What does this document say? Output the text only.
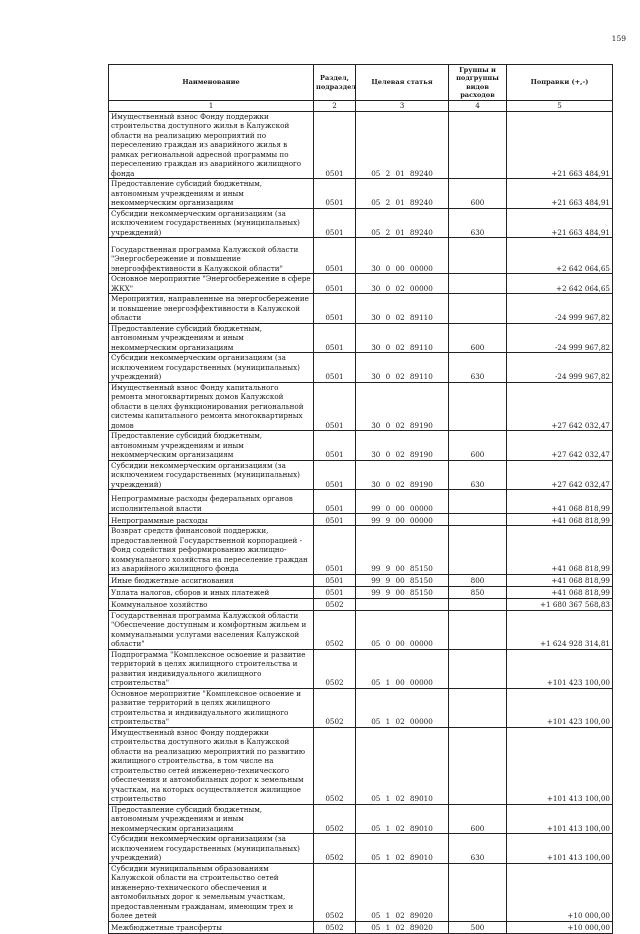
159
Наименование	Раздел, подраздел	Целевая статья	Группы и подгруппы видов расходов	Поправки (+,-)
1	2	3	4	5
Имущественный взнос Фонду поддержки строительства доступного жилья в Калужской области на реализацию мероприятий по переселению граждан из аварийного жилья в рамках региональной адресной программы по переселению граждан из аварийного жилищного фонда	0501	05 2 01 89240		+21 663 484,91
Предоставление субсидий бюджетным, автономным учреждениям и иным некоммерческим организациям	0501	05 2 01 89240	600	+21 663 484,91
Субсидии некоммерческим организациям (за исключением государственных (муниципальных) учреждений)	0501	05 2 01 89240	630	+21 663 484,91
Государственная программа Калужской области "Энергосбережение и повышение энергоэффективности в Калужской области"	0501	30 0 00 00000		+2 642 064,65
Основное мероприятие "Энергосбережение в сфере ЖКХ"	0501	30 0 02 00000		+2 642 064,65
Мероприятия, направленные на энергосбережение и повышение энергоэффективности в Калужской области	0501	30 0 02 89110		-24 999 967,82
Предоставление субсидий бюджетным, автономным учреждениям и иным некоммерческим организациям	0501	30 0 02 89110	600	-24 999 967,82
Субсидии некоммерческим организациям (за исключением государственных (муниципальных) учреждений)	0501	30 0 02 89110	630	-24 999 967,82
Имущественный взнос Фонду капитального ремонта многоквартирных домов Калужской области в целях функционирования региональной системы капитального ремонта многоквартирных домов	0501	30 0 02 89190		+27 642 032,47
Предоставление субсидий бюджетным, автономным учреждениям и иным некоммерческим организациям	0501	30 0 02 89190	600	+27 642 032,47
Субсидии некоммерческим организациям (за исключением государственных (муниципальных) учреждений)	0501	30 0 02 89190	630	+27 642 032,47
Непрограммные расходы федеральных органов исполнительной власти	0501	99 0 00 00000		+41 068 818,99
Непрограммные расходы	0501	99 9 00 00000		+41 068 818,99
Возврат средств финансовой поддержки, предоставленной Государственной корпорацией - Фонд содействия реформированию жилищно-коммунального хозяйства на переселение граждан из аварийного жилищного фонда	0501	99 9 00 85150		+41 068 818,99
Иные бюджетные ассигнования	0501	99 9 00 85150	800	+41 068 818,99
Уплата налогов, сборов и иных платежей	0501	99 9 00 85150	850	+41 068 818,99
Коммунальное хозяйство	0502			+1 680 367 568,83
Государственная программа Калужской области "Обеспечение доступным и комфортным жильем и коммунальными услугами населения Калужской области"	0502	05 0 00 00000		+1 624 928 314,81
Подпрограмма "Комплексное освоение и развитие территорий в целях жилищного строительства и развития индивидуального жилищного строительства"	0502	05 1 00 00000		+101 423 100,00
Основное мероприятие "Комплексное освоение и развитие территорий в целях жилищного строительства и индивидуального жилищного строительства"	0502	05 1 02 00000		+101 423 100,00
Имущественный взнос Фонду поддержки строительства доступного жилья в Калужской области на реализацию мероприятий по развитию жилищного строительства, в том числе на строительство сетей инженерно-технического обеспечения и автомобильных дорог к земельным участкам, на которых осуществляется жилищное строительство	0502	05 1 02 89010		+101 413 100,00
Предоставление субсидий бюджетным, автономным учреждениям и иным некоммерческим организациям	0502	05 1 02 89010	600	+101 413 100,00
Субсидии некоммерческим организациям (за исключением государственных (муниципальных) учреждений)	0502	05 1 02 89010	630	+101 413 100,00
Субсидии муниципальным образованиям Калужской области на строительство сетей инженерно-технического обеспечения и автомобильных дорог к земельным участкам, предоставленным гражданам, имеющим трех и более детей	0502	05 1 02 89020		+10 000,00
Межбюджетные трансферты	0502	05 1 02 89020	500	+10 000,00
